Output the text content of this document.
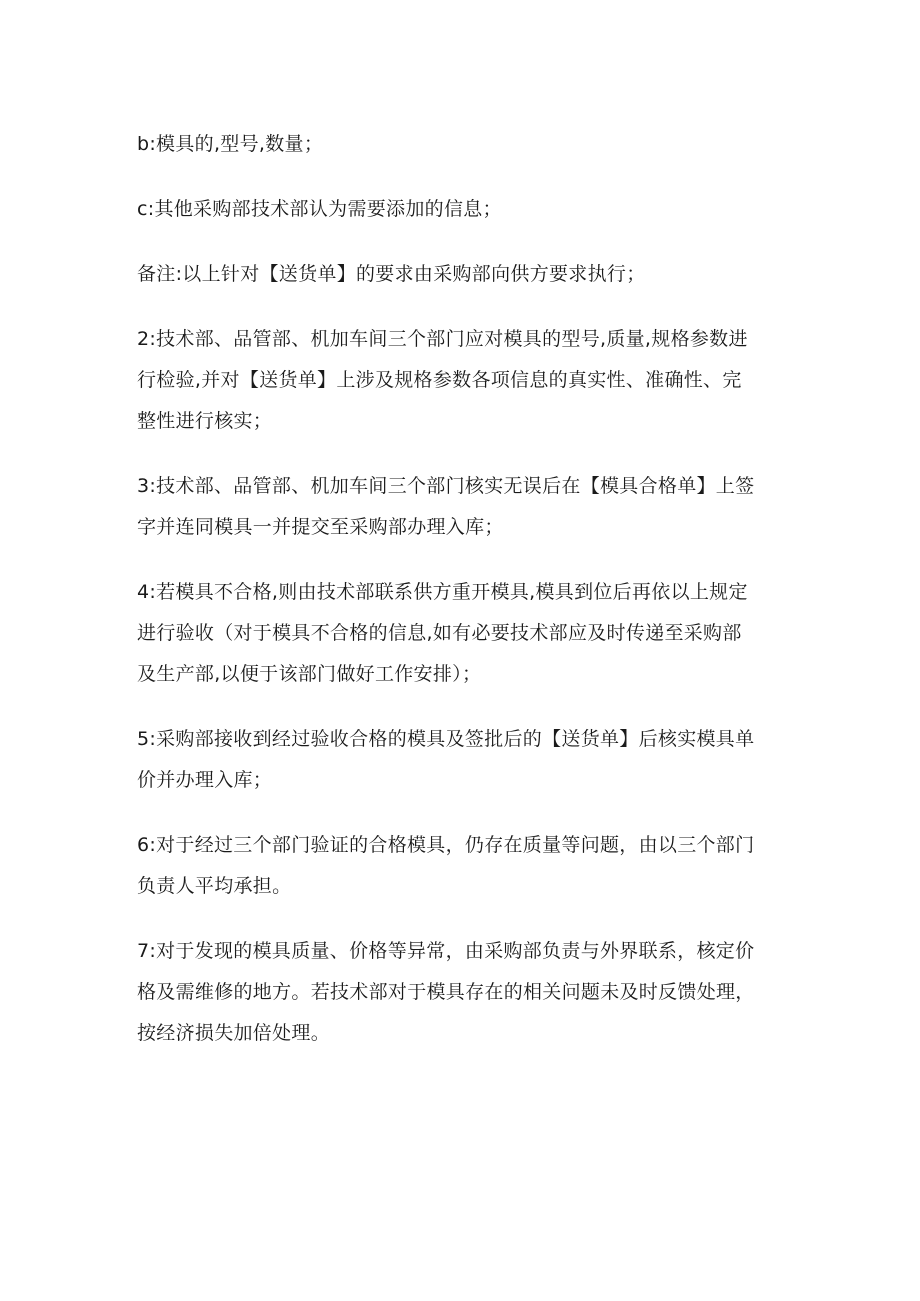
b:模具的,型号,数量；

c:其他采购部技术部认为需要添加的信息；

备注:以上针对【送货单】的要求由采购部向供方要求执行；

2:技术部、品管部、机加车间三个部门应对模具的型号,质量,规格参数进
行检验,并对【送货单】上涉及规格参数各项信息的真实性、准确性、完
整性进行核实；

3:技术部、品管部、机加车间三个部门核实无误后在【模具合格单】上签
字并连同模具一并提交至采购部办理入库；

4:若模具不合格,则由技术部联系供方重开模具,模具到位后再依以上规定
进行验收（对于模具不合格的信息,如有必要技术部应及时传递至采购部
及生产部,以便于该部门做好工作安排）；

5:采购部接收到经过验收合格的模具及签批后的【送货单】后核实模具单
价并办理入库；

6:对于经过三个部门验证的合格模具，仍存在质量等问题，由以三个部门
负责人平均承担。

7:对于发现的模具质量、价格等异常，由采购部负责与外界联系，核定价
格及需维修的地方。若技术部对于模具存在的相关问题未及时反馈处理，
按经济损失加倍处理。
